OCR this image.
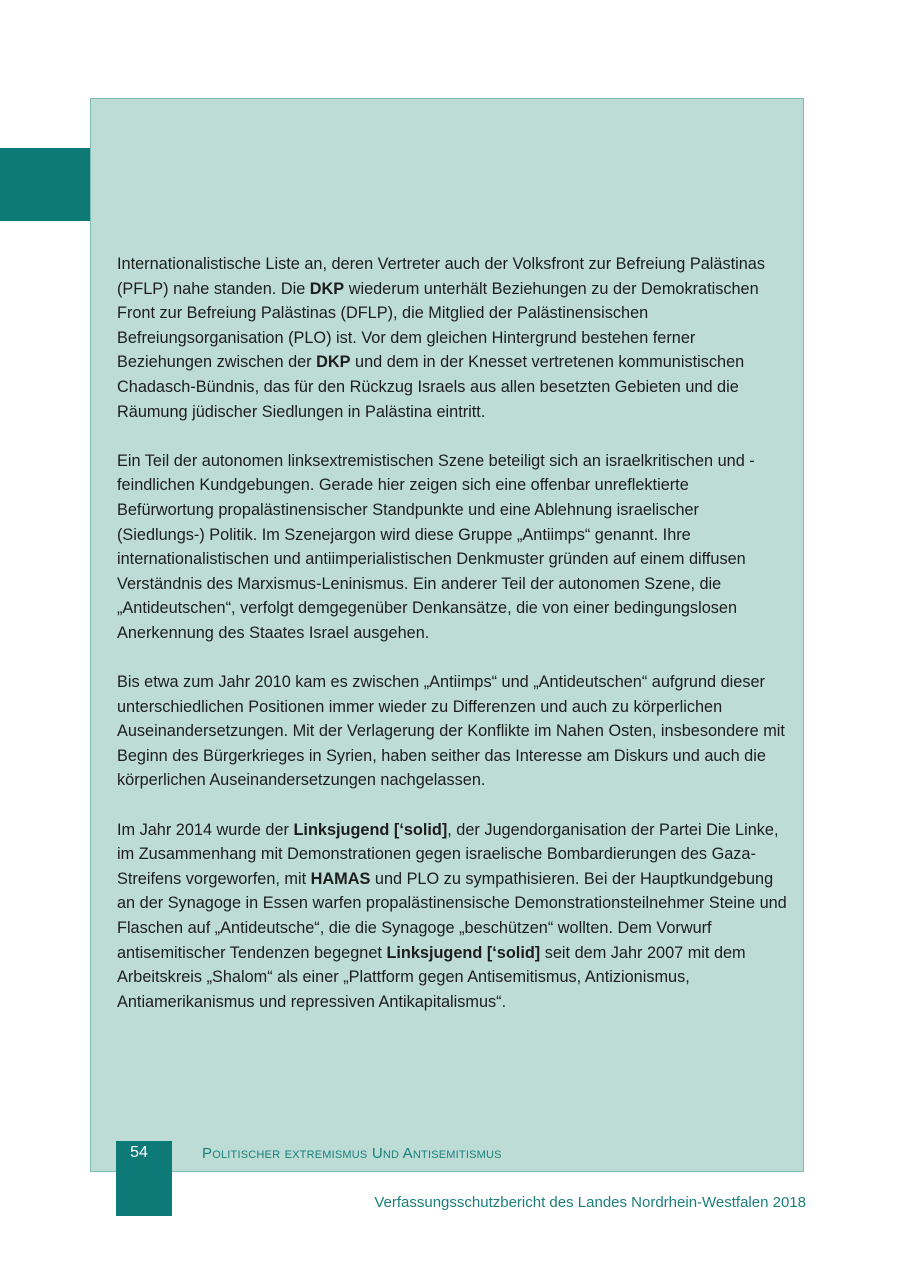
Internationalistische Liste an, deren Vertreter auch der Volksfront zur Befreiung Palästinas (PFLP) nahe standen. Die DKP wiederum unterhält Beziehungen zu der Demokratischen Front zur Befreiung Palästinas (DFLP), die Mitglied der Palästinensischen Befreiungsorganisation (PLO) ist. Vor dem gleichen Hintergrund bestehen ferner Beziehungen zwischen der DKP und dem in der Knesset vertretenen kommunistischen Chadasch-Bündnis, das für den Rückzug Israels aus allen besetzten Gebieten und die Räumung jüdischer Siedlungen in Palästina eintritt.

Ein Teil der autonomen linksextremistischen Szene beteiligt sich an israelkritischen und -feindlichen Kundgebungen. Gerade hier zeigen sich eine offenbar unreflektierte Befürwortung propalästinensischer Standpunkte und eine Ablehnung israelischer (Siedlungs-) Politik. Im Szenejargon wird diese Gruppe „Antiimps“ genannt. Ihre internationalistischen und antiimperialistischen Denkmuster gründen auf einem diffusen Verständnis des Marxismus-Leninismus. Ein anderer Teil der autonomen Szene, die „Antideutschen“, verfolgt demgegenüber Denkansätze, die von einer bedingungslosen Anerkennung des Staates Israel ausgehen.

Bis etwa zum Jahr 2010 kam es zwischen „Antiimps“ und „Antideutschen“ aufgrund dieser unterschiedlichen Positionen immer wieder zu Differenzen und auch zu körperlichen Auseinandersetzungen. Mit der Verlagerung der Konflikte im Nahen Osten, insbesondere mit Beginn des Bürgerkrieges in Syrien, haben seither das Interesse am Diskurs und auch die körperlichen Auseinandersetzungen nachgelassen.

Im Jahr 2014 wurde der Linksjugend [‘solid], der Jugendorganisation der Partei Die Linke, im Zusammenhang mit Demonstrationen gegen israelische Bombardierungen des Gaza-Streifens vorgeworfen, mit HAMAS und PLO zu sympathisieren. Bei der Hauptkundgebung an der Synagoge in Essen warfen propalästinensische Demonstrationsteilnehmer Steine und Flaschen auf „Antideutsche“, die die Synagoge „beschützen“ wollten. Dem Vorwurf antisemitischer Tendenzen begegnet Linksjugend [‘solid] seit dem Jahr 2007 mit dem Arbeitskreis „Shalom“ als einer „Plattform gegen Antisemitismus, Antizionismus, Antiamerikanismus und repressiven Antikapitalismus“.

54	Politischer extremismus Und Antisemitismus
Verfassungsschutzbericht des Landes Nordrhein-Westfalen 2018
